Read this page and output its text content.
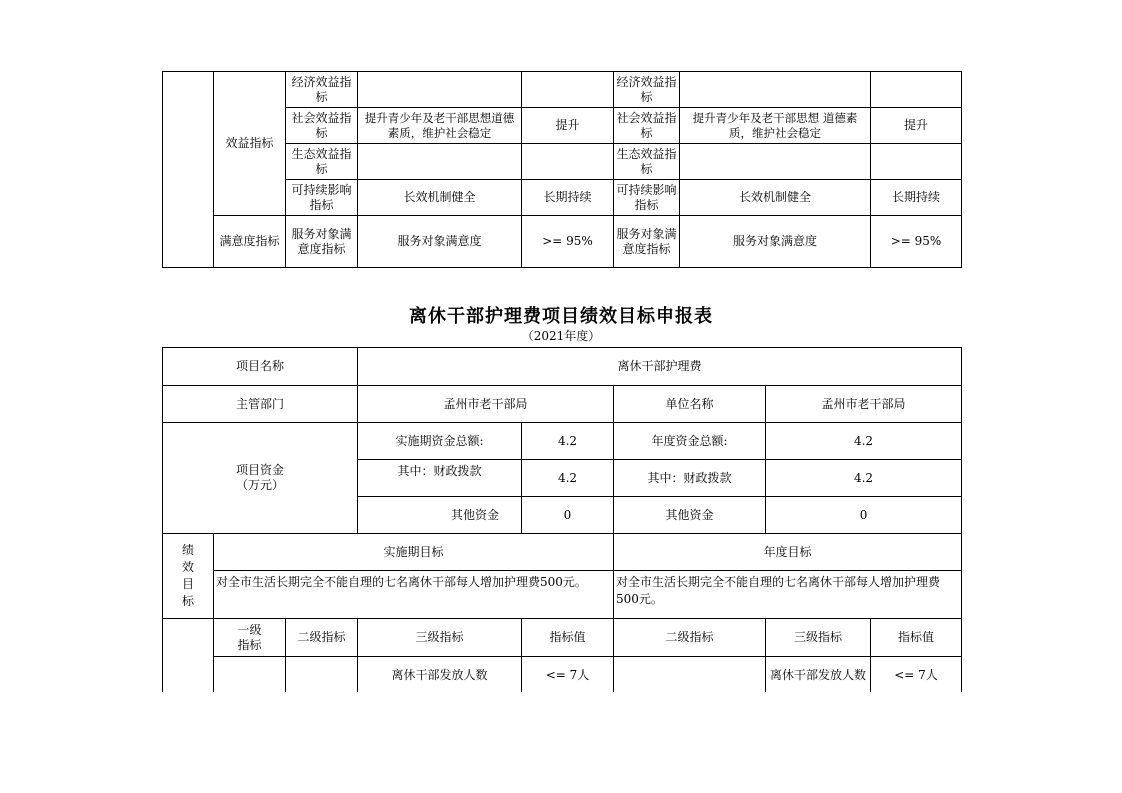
	效益指标	经济效益指标			经济效益指标		
		社会效益指标	提升青少年及老干部思想道德素质，维护社会稳定	提升	社会效益指标	提升青少年及老干部思想 道德素质，维护社会稳定	提升
		生态效益指标			生态效益指标		
		可持续影响指标	长效机制健全	长期持续	可持续影响指标	长效机制健全	长期持续
	满意度指标	服务对象满意度指标	服务对象满意度	>= 95%	服务对象满意度指标	服务对象满意度	>= 95%
离休干部护理费项目绩效目标申报表
（2021年度）
项目名称			离休干部护理费				
主管部门			孟州市老干部局		单位名称	孟州市老干部局	
项目资金
（万元）			实施期资金总额:	4.2	年度资金总额:	4.2	
			其中：财政拨款	4.2	其中：财政拨款	4.2	
			其他资金	0	其他资金	0	

绩效目标	实施期目标				年度目标		
	对全市生活长期完全不能自理的七名离休干部每人增加护理费500元。				对全市生活长期完全不能自理的七名离休干部每人增加护理费500元。		

	一级指标	二级指标	三级指标	指标值	二级指标	三级指标	指标值

	离休干部发放人数	<= 7人		离休干部发放人数	<= 7人
